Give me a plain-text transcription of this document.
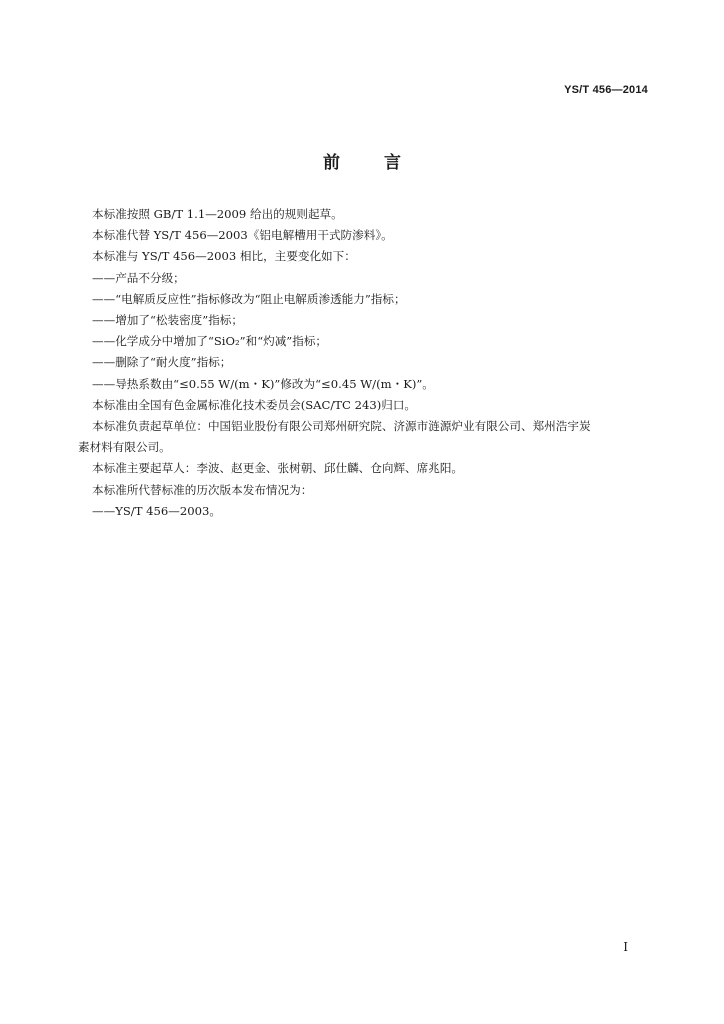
YS/T 456—2014
前	言

本标准按照 GB/T 1.1—2009 给出的规则起草。

本标准代替 YS/T 456—2003《铝电解槽用干式防渗料》。

本标准与 YS/T 456—2003 相比，主要变化如下：

——产品不分级；

——“电解质反应性”指标修改为“阻止电解质渗透能力”指标；

——增加了“松装密度”指标；

——化学成分中增加了“SiO₂”和“灼减”指标；

——删除了“耐火度”指标；

——导热系数由“≤0.55 W/(m・K)”修改为“≤0.45 W/(m・K)”。

本标准由全国有色金属标准化技术委员会(SAC/TC 243)归口。

本标准负责起草单位：中国铝业股份有限公司郑州研究院、济源市涟源炉业有限公司、郑州浩宇炭

素材料有限公司。

本标准主要起草人：李波、赵更金、张树朝、邱仕麟、仓向辉、席兆阳。

本标准所代替标准的历次版本发布情况为：

——YS/T 456—2003。

I
